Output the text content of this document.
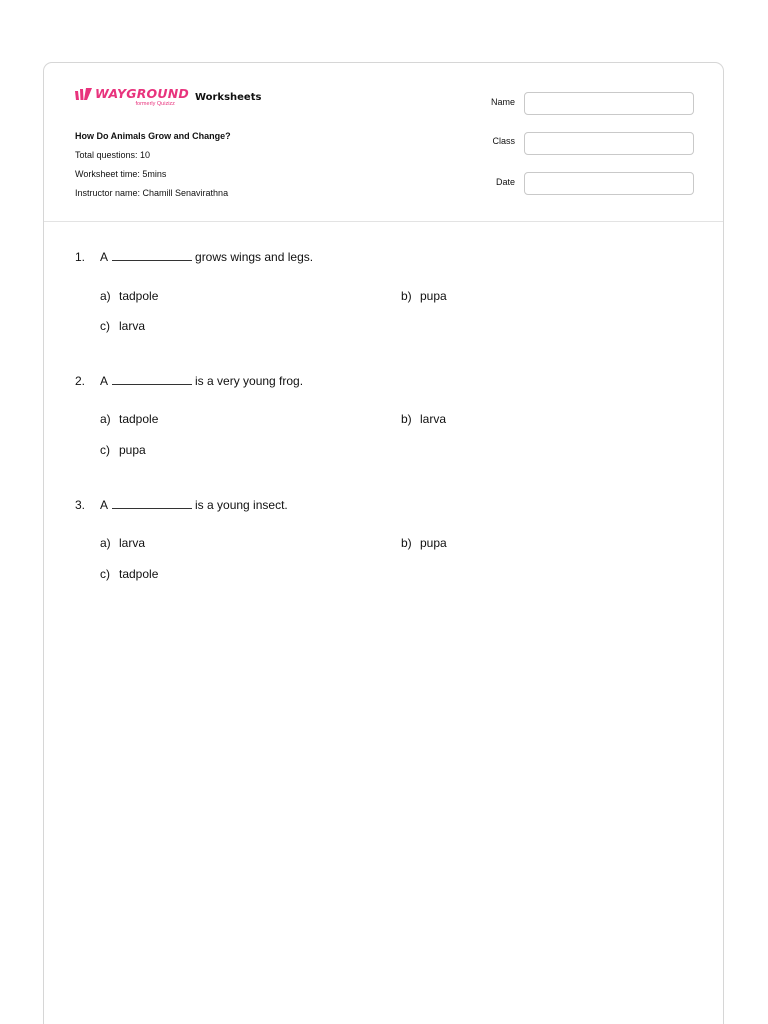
WAYGROUND
formerly Quizizz
Worksheets
How Do Animals Grow and Change?
Total questions: 10
Worksheet time: 5mins
Instructor name: Chamill Senavirathna
Name
Class
Date
1. A	grows wings and legs.
a) tadpole	b) pupa
c) larva
2. A	is a very young frog.
a) tadpole	b) larva
c) pupa
3. A	is a young insect.
a) larva	b) pupa
c) tadpole
